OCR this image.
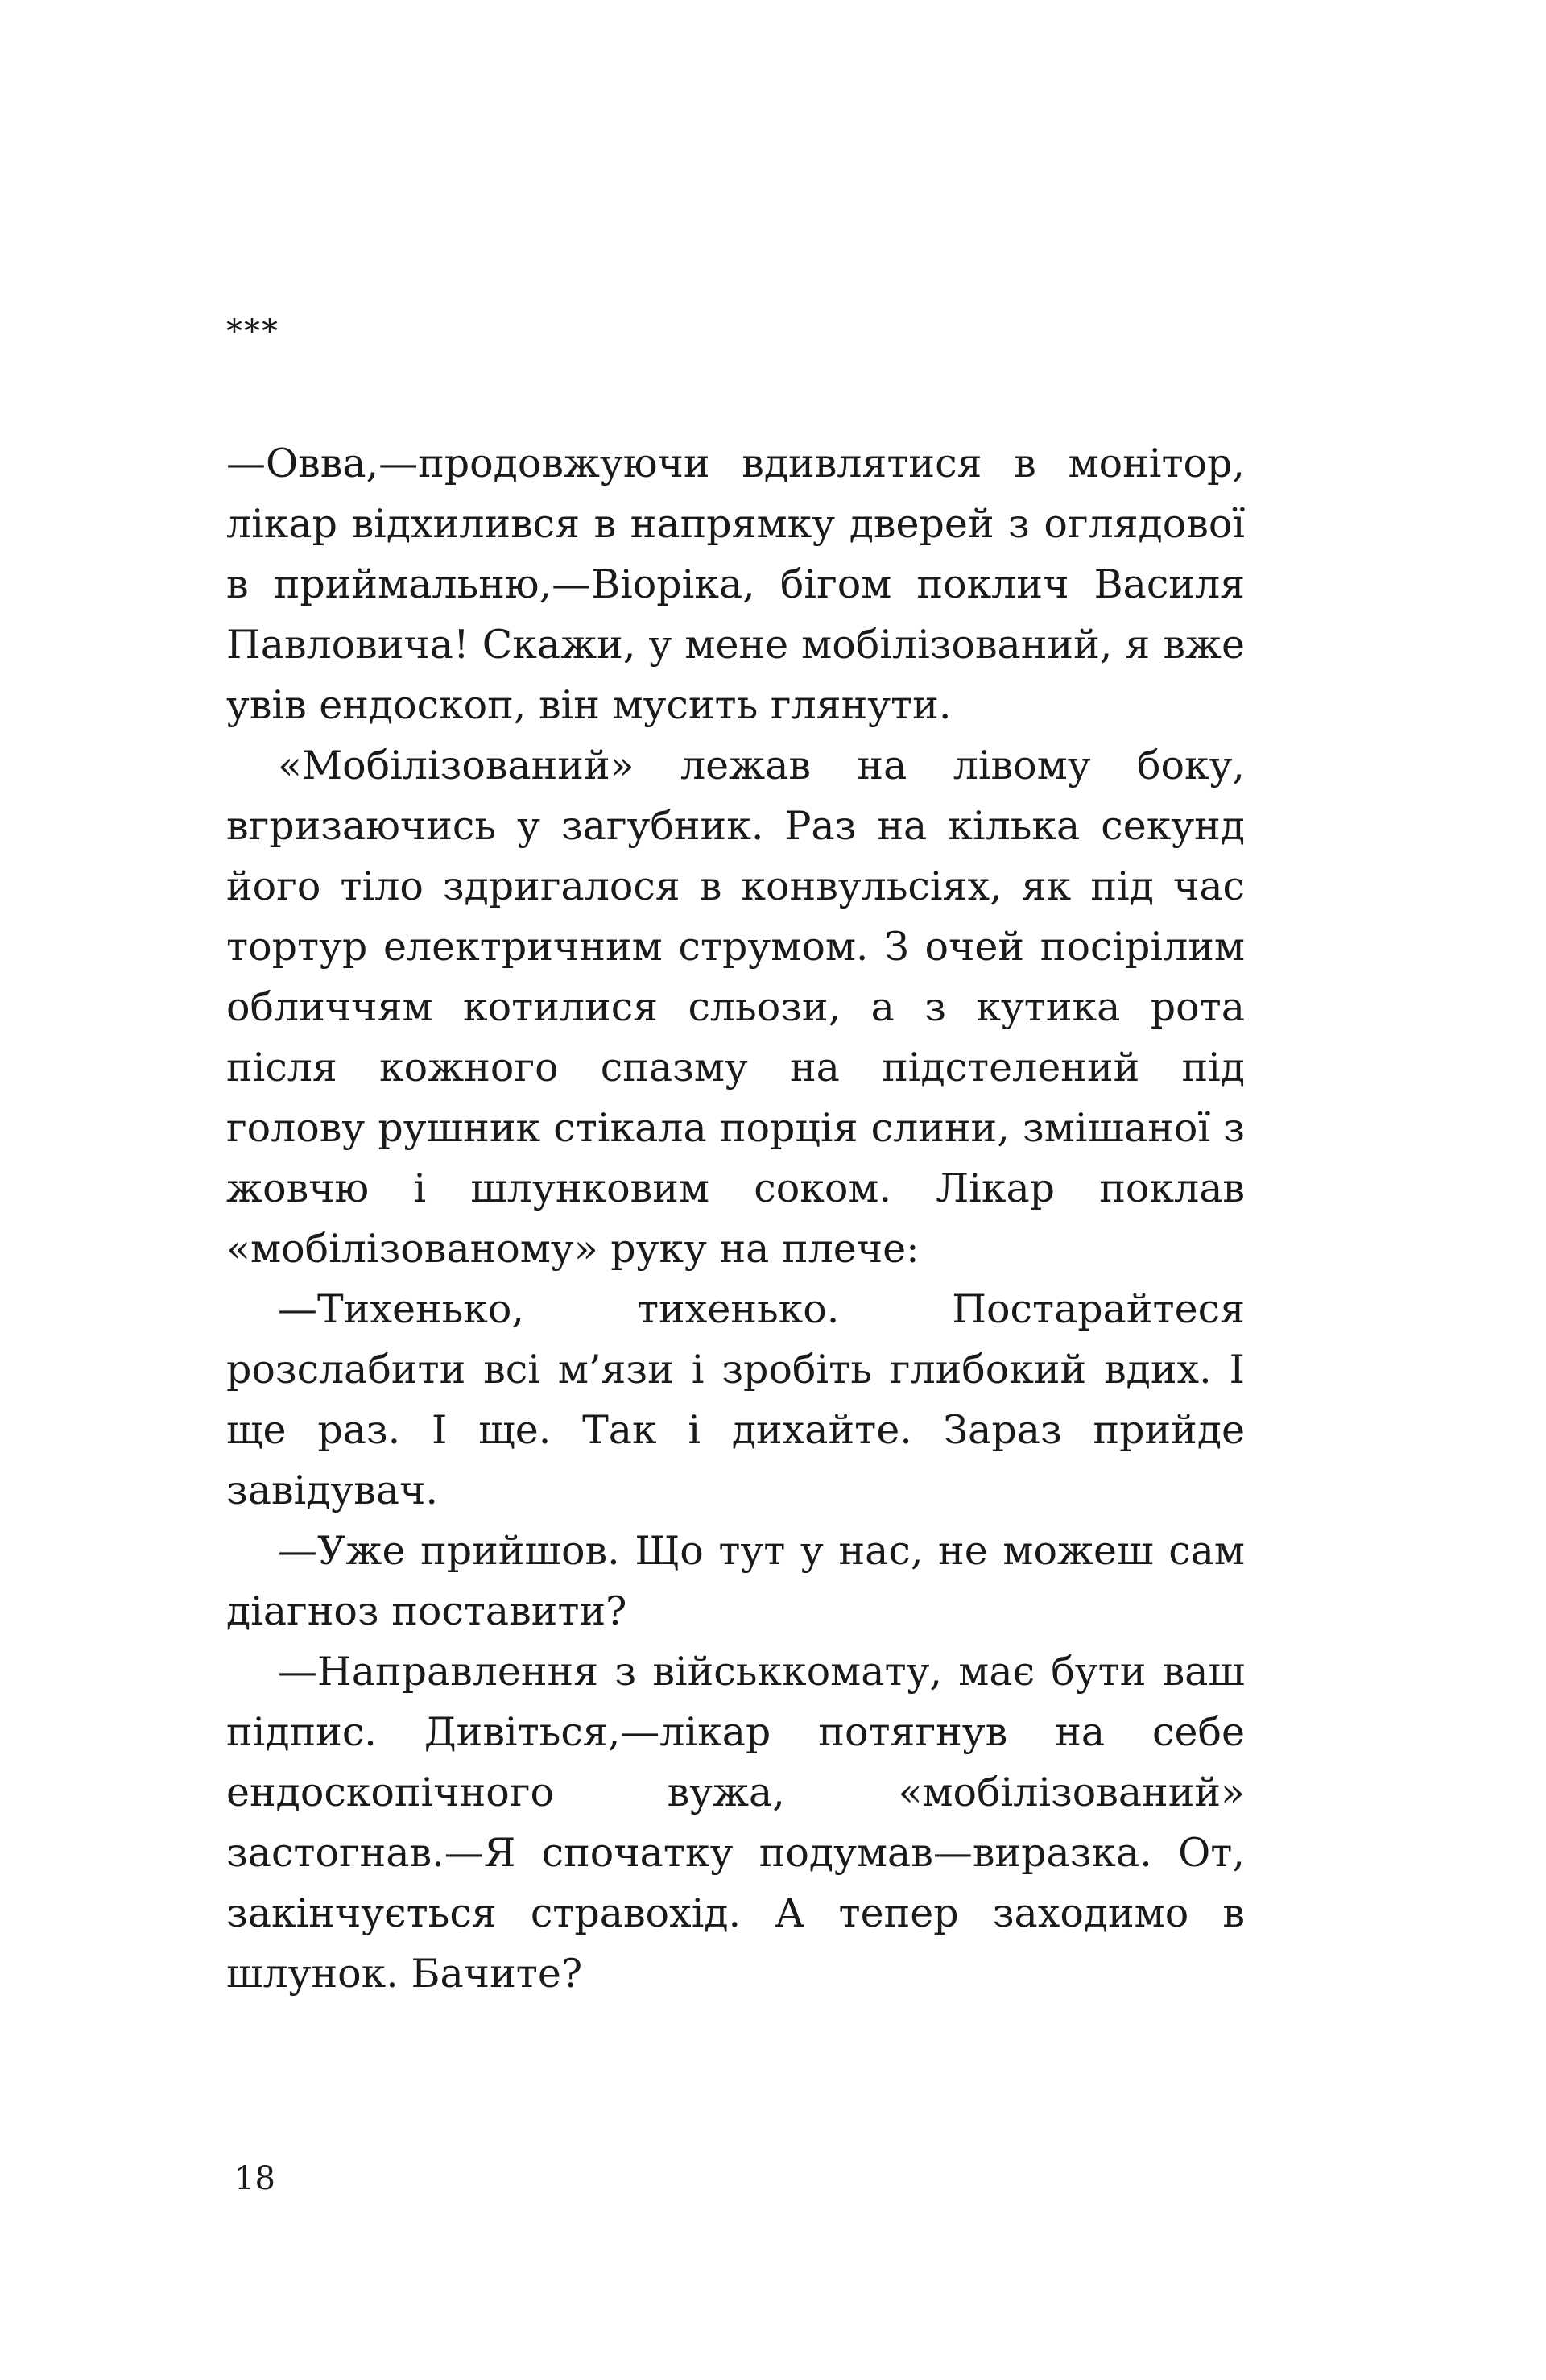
***

—Овва,—продовжуючи вдивлятися в монітор, лікар відхилився в напрямку дверей з оглядової в приймальню,—Віоріка, бігом поклич Василя Павловича! Скажи, у мене мобілізований, я вже увів ендоскоп, він мусить глянути.

«Мобілізований» лежав на лівому боку, вгризаючись у загубник. Раз на кілька секунд його тіло здригалося в конвульсіях, як під час тортур електричним струмом. З очей посірілим обличчям котилися сльози, а з кутика рота після кожного спазму на підстелений під голову рушник стікала порція слини, змішаної з жовчю і шлунковим соком. Лікар поклав «мобілізованому» руку на плече:

—Тихенько, тихенько. Постарайтеся розслабити всі м’язи і зробіть глибокий вдих. І ще раз. І ще. Так і дихайте. Зараз прийде завідувач.

—Уже прийшов. Що тут у нас, не можеш сам діагноз поставити?

—Направлення з військкомату, має бути ваш підпис. Дивіться,—лікар потягнув на себе ендоскопічного вужа, «мобілізований» застогнав.—Я спочатку подумав—виразка. От, закінчується стравохід. А тепер заходимо в шлунок. Бачите?

18
